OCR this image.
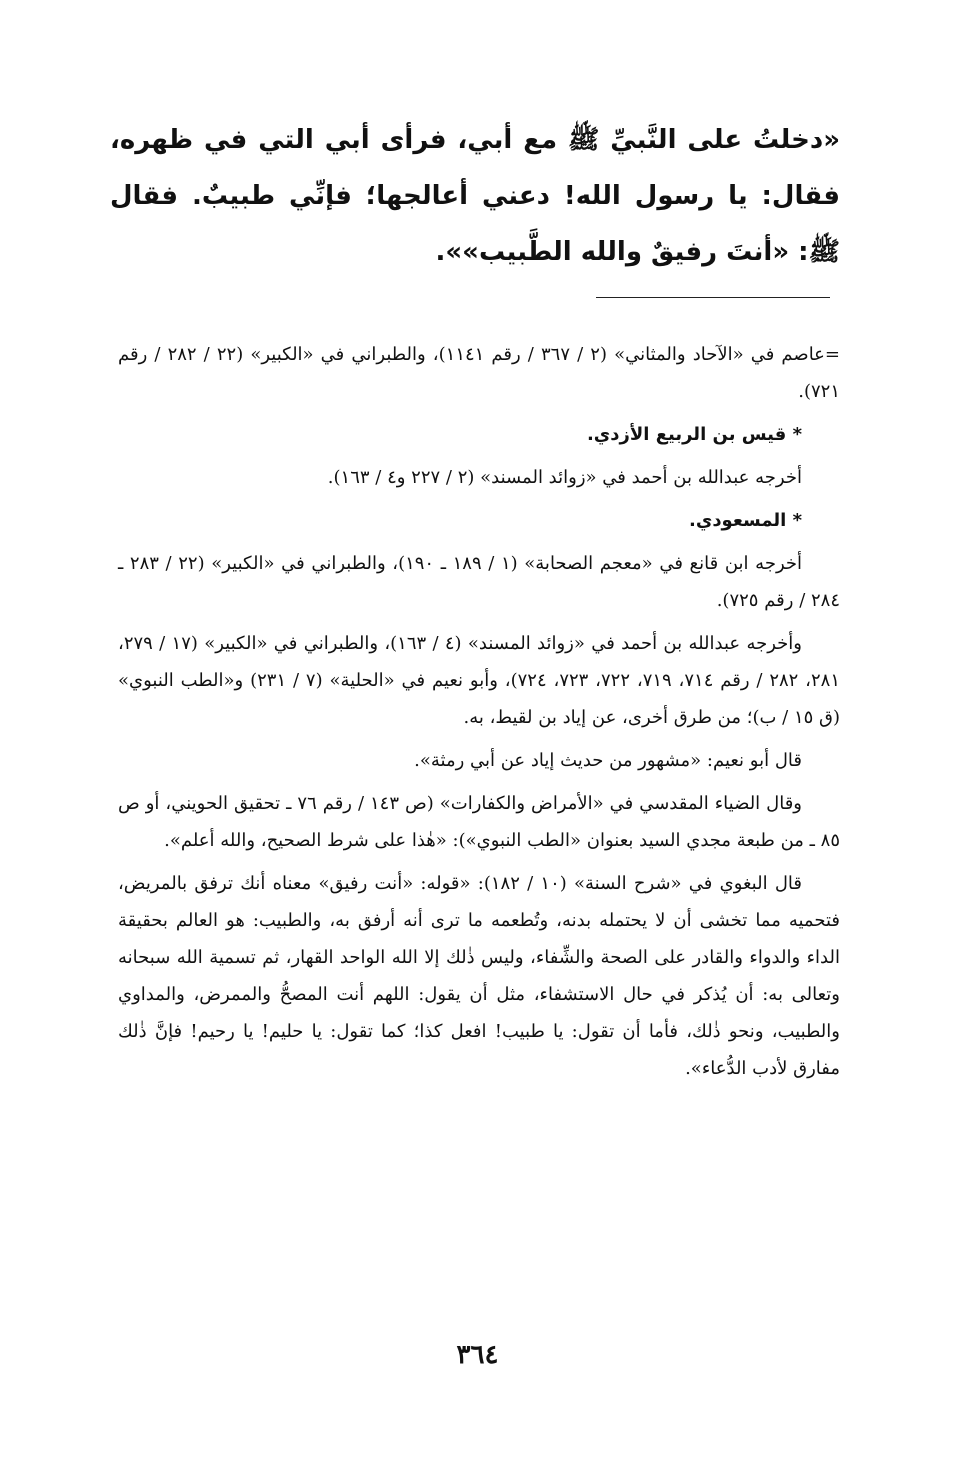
«دخلتُ على النَّبيِّ ﷺ مع أبي، فرأى أبي التي في ظهره، فقال: يا رسول الله! دعني أعالجها؛ فإنِّي طبيبٌ. فقال ﷺ: «أنتَ رفيقٌ والله الطَّبيب»».

=عاصم في «الآحاد والمثاني» (٢ / ٣٦٧ / رقم ١١٤١)، والطبراني في «الكبير» (٢٢ / ٢٨٢ / رقم ٧٢١).

* قيس بن الربيع الأزدي.

أخرجه عبدالله بن أحمد في «زوائد المسند» (٢ / ٢٢٧ و٤ / ١٦٣).

* المسعودي.

أخرجه ابن قانع في «معجم الصحابة» (١ / ١٨٩ ـ ١٩٠)، والطبراني في «الكبير» (٢٢ / ٢٨٣ ـ ٢٨٤ / رقم ٧٢٥).

وأخرجه عبدالله بن أحمد في «زوائد المسند» (٤ / ١٦٣)، والطبراني في «الكبير» (١٧ / ٢٧٩، ٢٨١، ٢٨٢ / رقم ٧١٤، ٧١٩، ٧٢٢، ٧٢٣، ٧٢٤)، وأبو نعيم في «الحلية» (٧ / ٢٣١) و«الطب النبوي» (ق ١٥ / ب)؛ من طرق أخرى، عن إياد بن لقيط، به.

قال أبو نعيم: «مشهور من حديث إياد عن أبي رمثة».

وقال الضياء المقدسي في «الأمراض والكفارات» (ص ١٤٣ / رقم ٧٦ ـ تحقيق الحويني، أو ص ٨٥ ـ من طبعة مجدي السيد بعنوان «الطب النبوي»): «هٰذا على شرط الصحيح، والله أعلم».

قال البغوي في «شرح السنة» (١٠ / ١٨٢): «قوله: «أنت رفيق» معناه أنك ترفق بالمريض، فتحميه مما تخشى أن لا يحتمله بدنه، وتُطعمه ما ترى أنه أرفق به، والطبيب: هو العالم بحقيقة الداء والدواء والقادر على الصحة والشِّفاء، وليس ذٰلك إلا الله الواحد القهار، ثم تسمية الله سبحانه وتعالى به: أن يُذكر في حال الاستشفاء، مثل أن يقول: اللهم أنت المصحُّ والممرض، والمداوي والطبيب، ونحو ذٰلك، فأما أن تقول: يا طبيب! افعل كذا؛ كما تقول: يا حليم! يا رحيم! فإنَّ ذٰلك مفارق لأدب الدُّعاء».

٣٦٤
